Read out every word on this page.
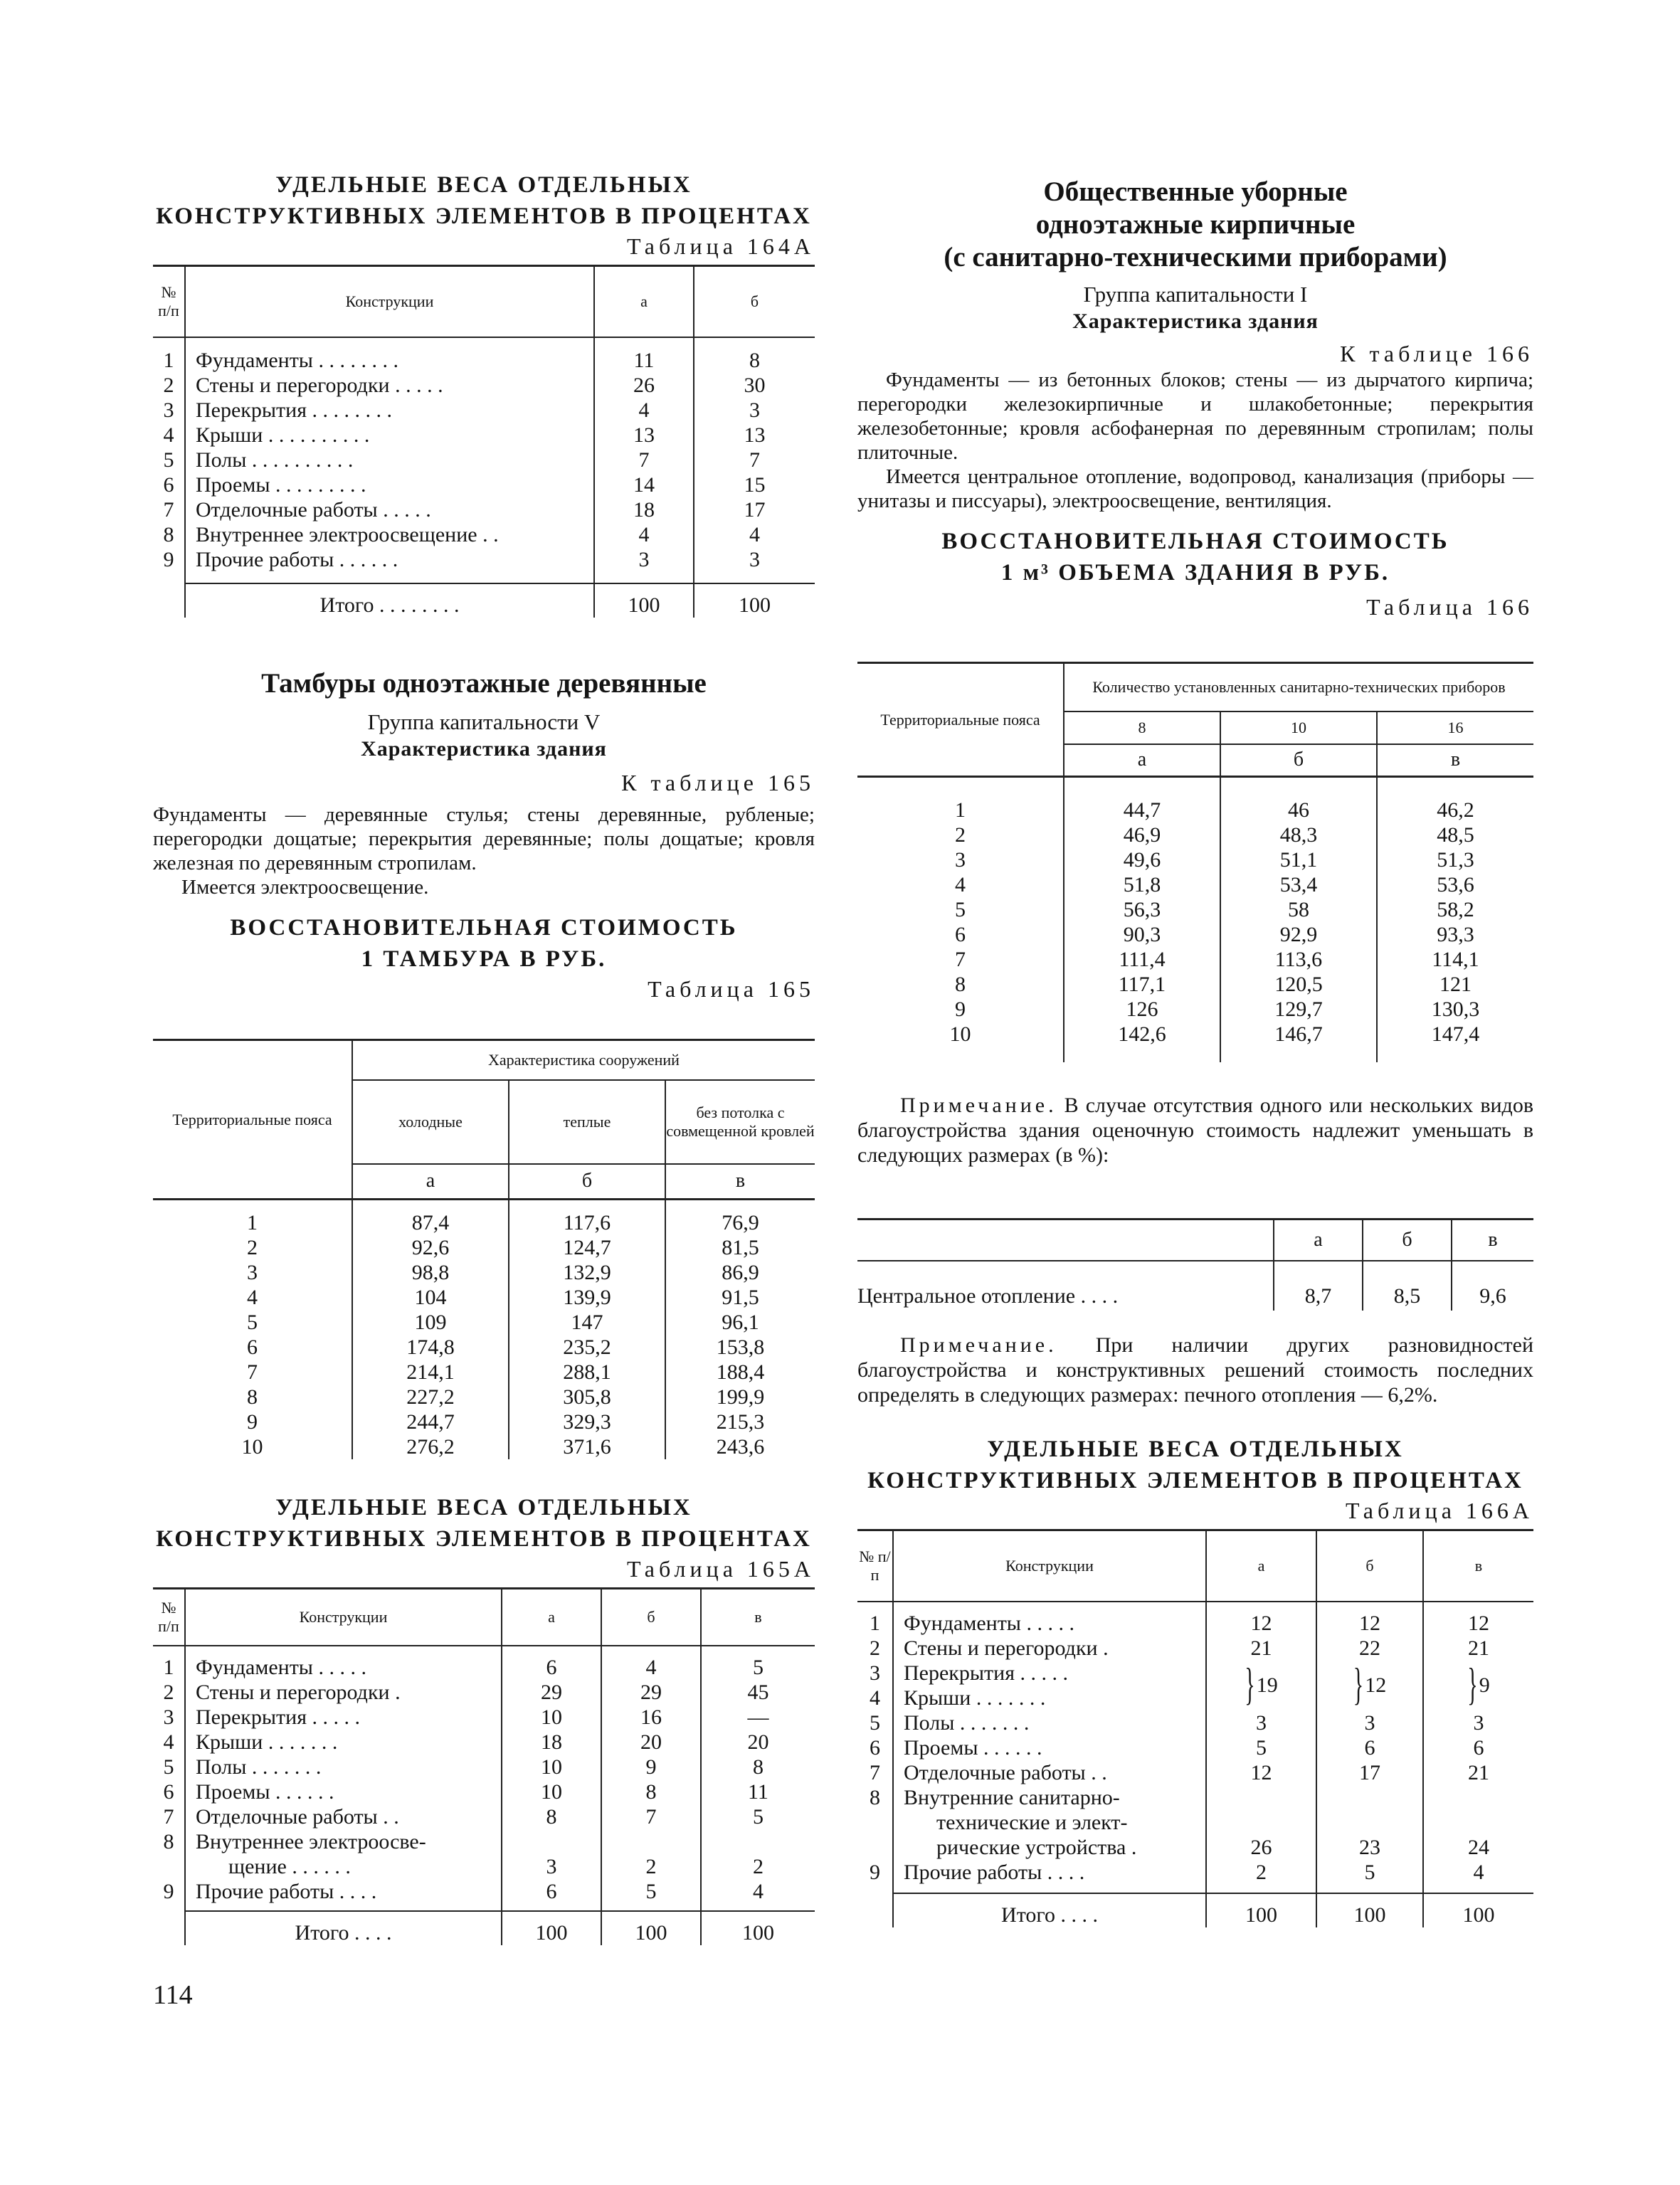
УДЕЛЬНЫЕ ВЕСА ОТДЕЛЬНЫХ
КОНСТРУКТИВНЫХ ЭЛЕМЕНТОВ В ПРОЦЕНТАХ
Таблица 164А
№ п/п	Конструкции	а	б

1	Фундаменты . . . . . . . .	11	8
2	Стены и перегородки . . . . .	26	30
3	Перекрытия . . . . . . . .	4	3
4	Крыши . . . . . . . . . .	13	13
5	Полы . . . . . . . . . .	7	7
6	Проемы . . . . . . . . .	14	15
7	Отделочные работы . . . . .	18	17
8	Внутреннее электроосвещение . .	4	4
9	Прочие работы . . . . . .	3	3

	Итого . . . . . . . .	100	100
Тамбуры одноэтажные деревянные
Группа капитальности V
Характеристика здания
К таблице 165

Фундаменты — деревянные стулья; стены деревянные, рубленые; перегородки дощатые; перекрытия деревянные; полы дощатые; кровля железная по деревянным стропилам.

Имеется электроосвещение.

ВОССТАНОВИТЕЛЬНАЯ СТОИМОСТЬ
1 ТАМБУРА В РУБ.
Таблица 165
Территориальные пояса	Характеристика сооружений		
	холодные	теплые	без потолка с совмещенной кровлей
	а	б	в

1	87,4	117,6	76,9
2	92,6	124,7	81,5
3	98,8	132,9	86,9
4	104	139,9	91,5
5	109	147	96,1
6	174,8	235,2	153,8
7	214,1	288,1	188,4
8	227,2	305,8	199,9
9	244,7	329,3	215,3
10	276,2	371,6	243,6
УДЕЛЬНЫЕ ВЕСА ОТДЕЛЬНЫХ
КОНСТРУКТИВНЫХ ЭЛЕМЕНТОВ В ПРОЦЕНТАХ
Таблица 165А
№ п/п	Конструкции	а	б	в

1	Фундаменты . . . . .	6	4	5
2	Стены и перегородки .	29	29	45
3	Перекрытия . . . . .	10	16	—
4	Крыши . . . . . . .	18	20	20
5	Полы . . . . . . .	10	9	8
6	Проемы . . . . . .	10	8	11
7	Отделочные работы . .	8	7	5
8	Внутреннее электроосве-			
	щение . . . . . .	3	2	2
9	Прочие работы . . . .	6	5	4

	Итого . . . .	100	100	100
114
Общественные уборные
одноэтажные кирпичные
(с санитарно-техническими приборами)
Группа капитальности I
Характеристика здания
К таблице 166

Фундаменты — из бетонных блоков; стены — из дырчатого кирпича; перегородки железокирпичные и шлакобетонные; перекрытия железобетонные; кровля асбофанерная по деревянным стропилам; полы плиточные.

Имеется центральное отопление, водопровод, канализация (приборы — унитазы и писсуары), электроосвещение, вентиляция.

ВОССТАНОВИТЕЛЬНАЯ СТОИМОСТЬ
1 м³ ОБЪЕМА ЗДАНИЯ В РУБ.
Таблица 166
Территориальные пояса	Количество установленных санитарно-технических приборов		
	8	10	16
	а	б	в

1	44,7	46	46,2
2	46,9	48,3	48,5
3	49,6	51,1	51,3
4	51,8	53,4	53,6
5	56,3	58	58,2
6	90,3	92,9	93,3
7	111,4	113,6	114,1
8	117,1	120,5	121
9	126	129,7	130,3
10	142,6	146,7	147,4

Примечание. В случае отсутствия одного или нескольких видов благоустройства здания оценочную стоимость надлежит уменьшать в следующих размерах (в %):
	а	б	в
Центральное отопление . . . .	8,7	8,5	9,6
Примечание. При наличии других разновидностей благоустройства и конструктивных решений стоимость последних определять в следующих размерах: печного отопления — 6,2%.
УДЕЛЬНЫЕ ВЕСА ОТДЕЛЬНЫХ
КОНСТРУКТИВНЫХ ЭЛЕМЕНТОВ В ПРОЦЕНТАХ
Таблица 166А
№ п/п	Конструкции	а	б	в

1	Фундаменты . . . . .	12	12	12
2	Стены и перегородки .	21	22	21
3	Перекрытия . . . . .	}19	}12	}9
4	Крыши . . . . . . .			
5	Полы . . . . . . .	3	3	3
6	Проемы . . . . . .	5	6	6
7	Отделочные работы . .	12	17	21
8	Внутренние санитарно-			
	технические и элект-			
	рические устройства .	26	23	24
9	Прочие работы . . . .	2	5	4

	Итого . . . .	100	100	100
